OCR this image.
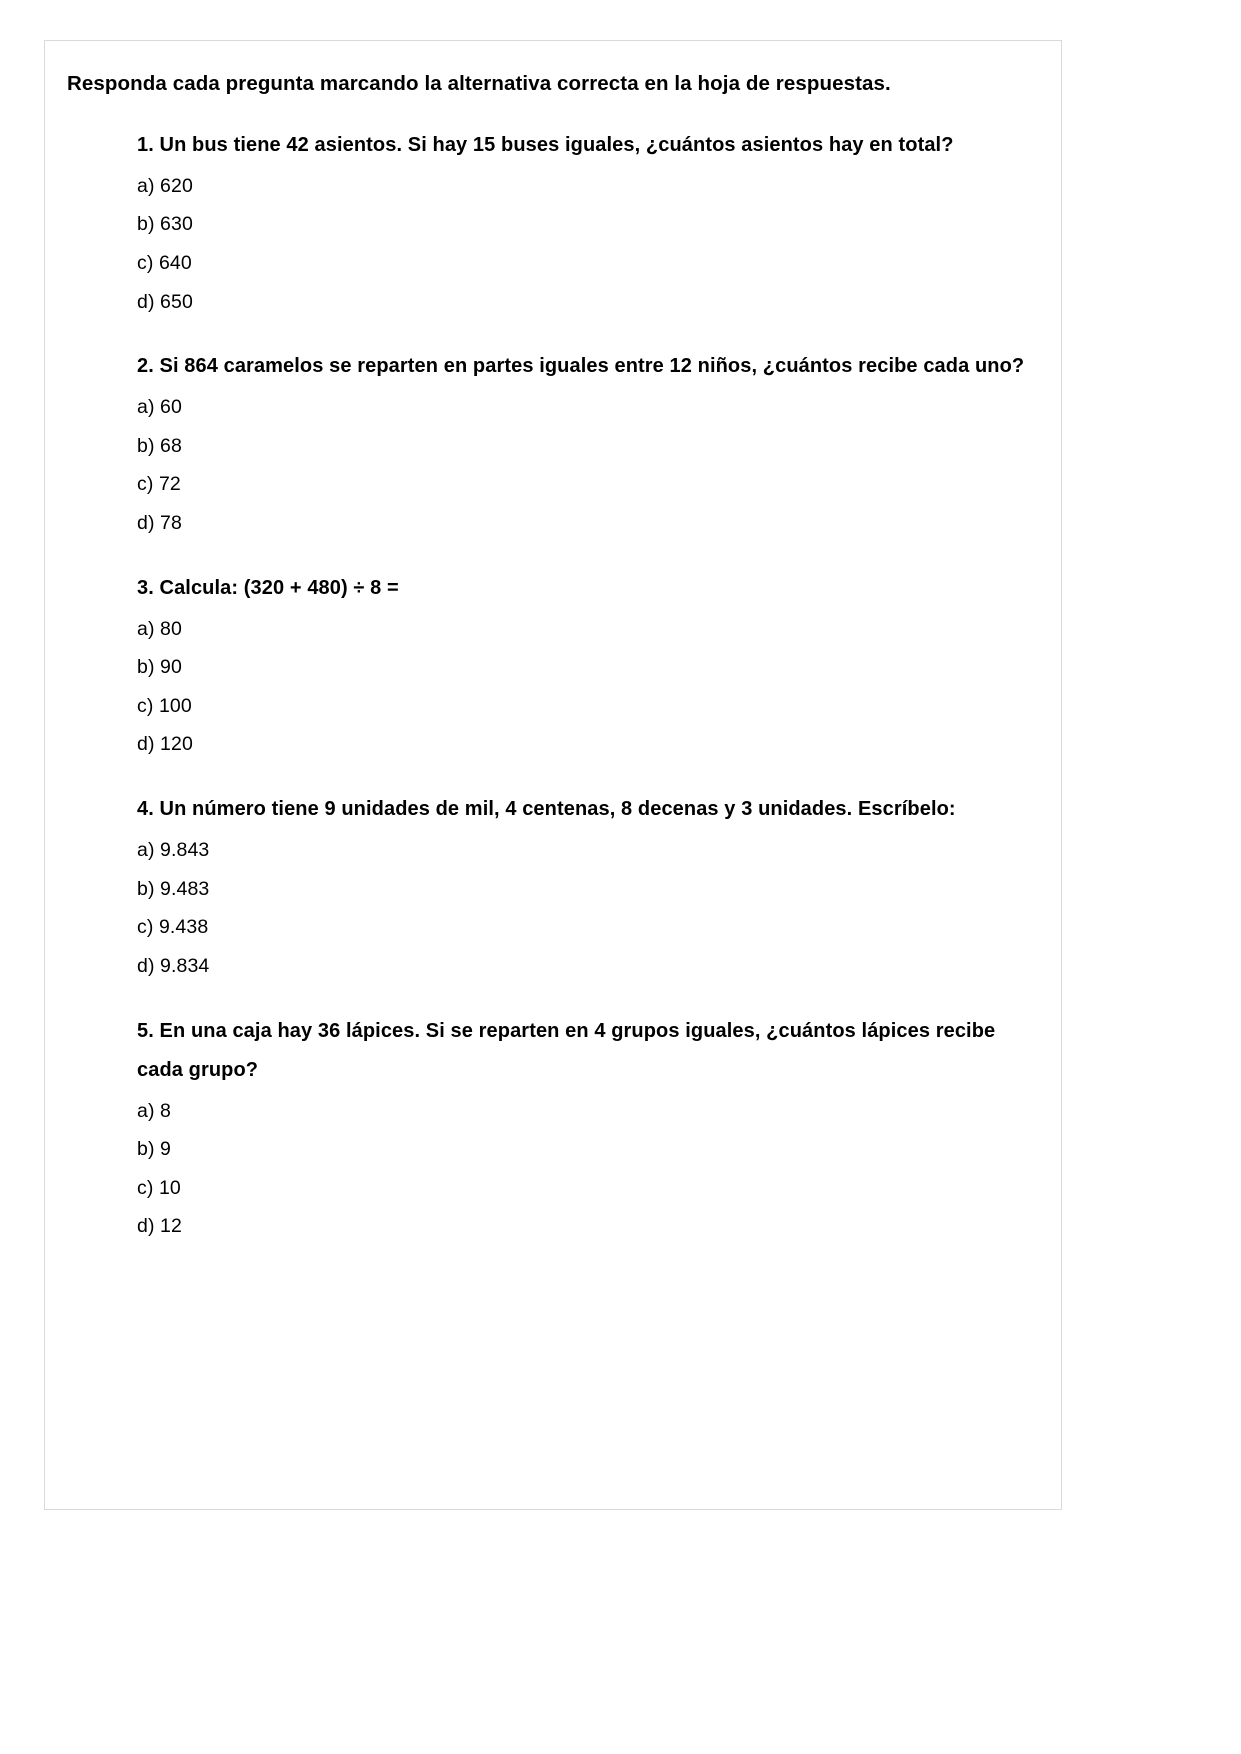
Responda cada pregunta marcando la alternativa correcta en la hoja de respuestas.

1. Un bus tiene 42 asientos. Si hay 15 buses iguales, ¿cuántos asientos hay en total?

a) 620

b) 630

c) 640

d) 650

2. Si 864 caramelos se reparten en partes iguales entre 12 niños, ¿cuántos recibe cada uno?

a) 60

b) 68

c) 72

d) 78

3. Calcula: (320 + 480) ÷ 8 =

a) 80

b) 90

c) 100

d) 120

4. Un número tiene 9 unidades de mil, 4 centenas, 8 decenas y 3 unidades. Escríbelo:

a) 9.843

b) 9.483

c) 9.438

d) 9.834

5. En una caja hay 36 lápices. Si se reparten en 4 grupos iguales, ¿cuántos lápices recibe cada grupo?

a) 8

b) 9

c) 10

d) 12
